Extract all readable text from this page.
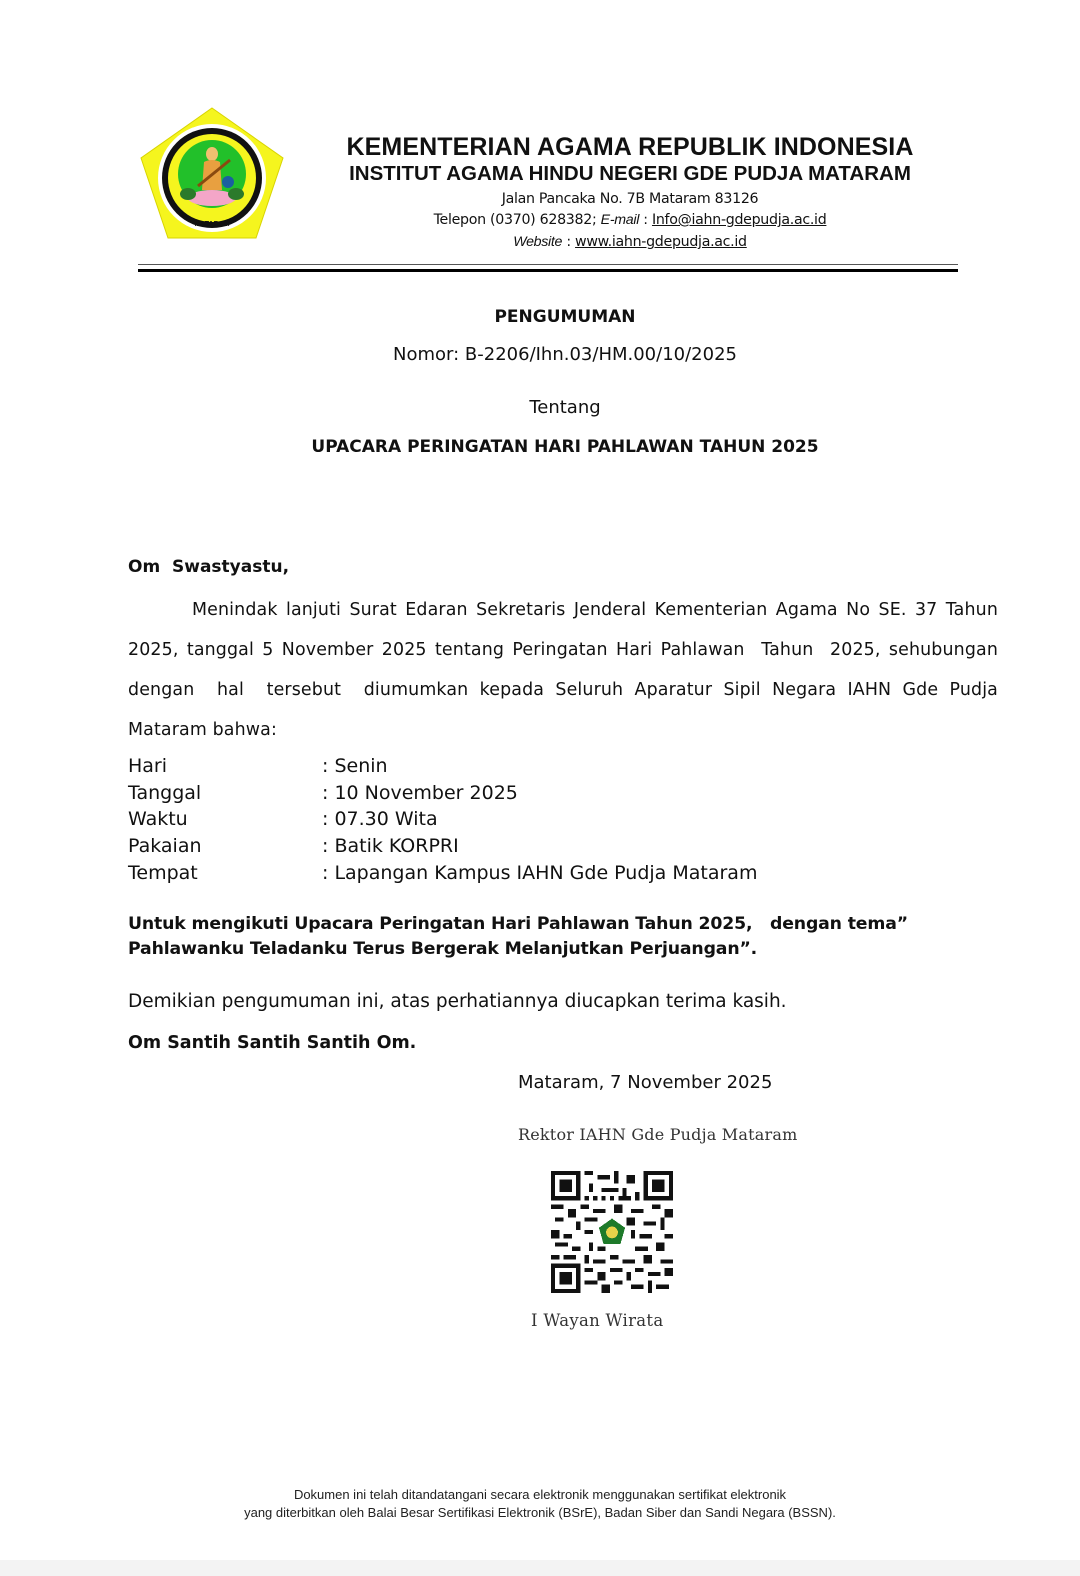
MATARAM
KEMENTERIAN AGAMA REPUBLIK INDONESIA
INSTITUT AGAMA HINDU NEGERI GDE PUDJA MATARAM
Jalan Pancaka No. 7B Mataram 83126
Telepon (0370) 628382; E-mail : Info@iahn-gdepudja.ac.id
Website : www.iahn-gdepudja.ac.id
PENGUMUMAN
Nomor: B-2206/Ihn.03/HM.00/10/2025
Tentang
UPACARA PERINGATAN HARI PAHLAWAN TAHUN 2025
Om  Swastyastu,
Menindak lanjuti Surat Edaran Sekretaris Jenderal Kementerian Agama No SE. 37 Tahun 2025, tanggal 5 November 2025 tentang Peringatan Hari Pahlawan  Tahun  2025, sehubungan  dengan  hal  tersebut  diumumkan kepada Seluruh Aparatur Sipil Negara IAHN Gde Pudja Mataram bahwa:
Hari	: Senin
Tanggal	: 10 November 2025
Waktu	: 07.30 Wita
Pakaian	: Batik KORPRI
Tempat	: Lapangan Kampus IAHN Gde Pudja Mataram
Untuk mengikuti Upacara Peringatan Hari Pahlawan Tahun 2025,   dengan tema” Pahlawanku Teladanku Terus Bergerak Melanjutkan Perjuangan”.
Demikian pengumuman ini, atas perhatiannya diucapkan terima kasih.
Om Santih Santih Santih Om.
Mataram, 7 November 2025
Rektor IAHN Gde Pudja Mataram
I Wayan Wirata
Dokumen ini telah ditandatangani secara elektronik menggunakan sertifikat elektronik
yang diterbitkan oleh Balai Besar Sertifikasi Elektronik (BSrE), Badan Siber dan Sandi Negara (BSSN).
